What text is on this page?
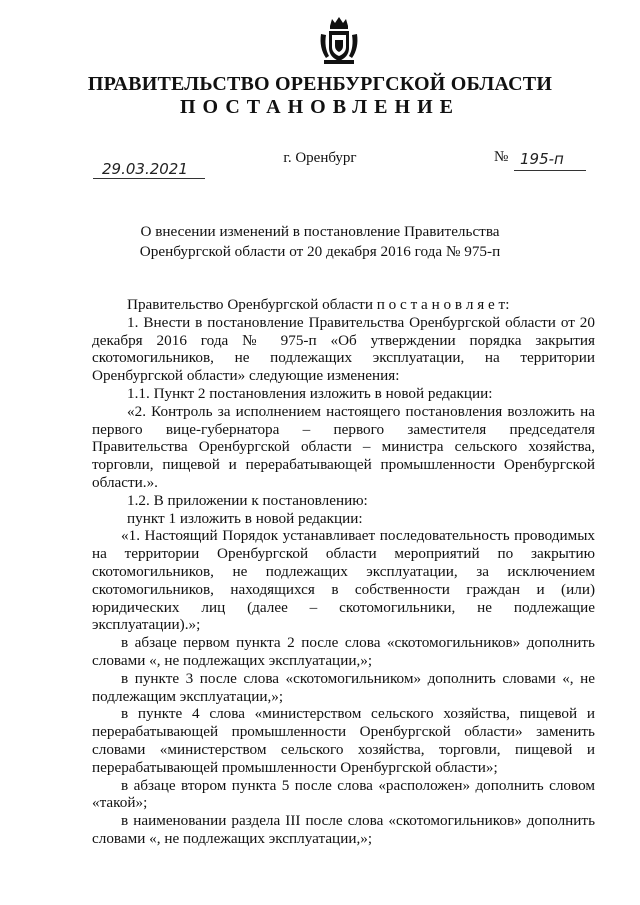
ПРАВИТЕЛЬСТВО ОРЕНБУРГСКОЙ ОБЛАСТИ
ПОСТАНОВЛЕНИЕ
29.03.2021
г. Оренбург	№ 195-п
О внесении изменений в постановление Правительства
Оренбургской области от 20 декабря 2016 года № 975-п

Правительство Оренбургской области п о с т а н о в л я е т:

1. Внести в постановление Правительства Оренбургской области от 20 декабря 2016 года № 975-п «Об утверждении порядка закрытия скотомогильников, не подлежащих эксплуатации, на территории Оренбургской области» следующие изменения:

1.1. Пункт 2 постановления изложить в новой редакции:

«2. Контроль за исполнением настоящего постановления возложить на первого вице-губернатора – первого заместителя председателя Правительства Оренбургской области – министра сельского хозяйства, торговли, пищевой и перерабатывающей промышленности Оренбургской области.».

1.2. В приложении к постановлению:

пункт 1 изложить в новой редакции:

«1. Настоящий Порядок устанавливает последовательность проводимых на территории Оренбургской области мероприятий по закрытию скотомогильников, не подлежащих эксплуатации, за исключением скотомогильников, находящихся в собственности граждан и (или) юридических лиц (далее – скотомогильники, не подлежащие эксплуатации).»;

в абзаце первом пункта 2 после слова «скотомогильников» дополнить словами «, не подлежащих эксплуатации,»;

в пункте 3 после слова «скотомогильником» дополнить словами «, не подлежащим эксплуатации,»;

в пункте 4 слова «министерством сельского хозяйства, пищевой и перерабатывающей промышленности Оренбургской области» заменить словами «министерством сельского хозяйства, торговли, пищевой и перерабатывающей промышленности Оренбургской области»;

в абзаце втором пункта 5 после слова «расположен» дополнить словом «такой»;

в наименовании раздела III после слова «скотомогильников» дополнить словами «, не подлежащих эксплуатации,»;
